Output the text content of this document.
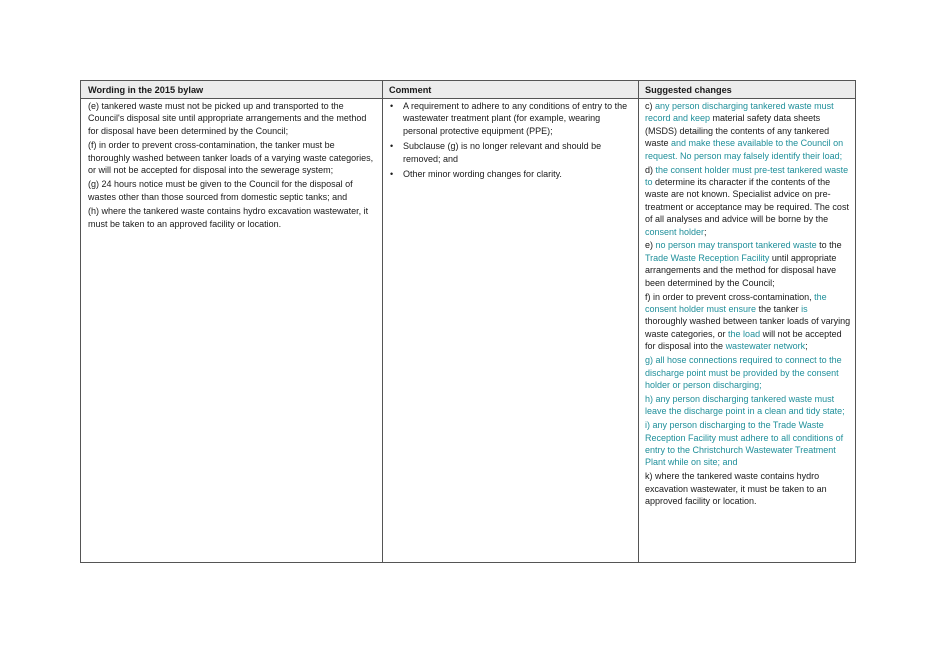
Wording in the 2015 bylaw

(e) tankered waste must not be picked up and transported to the Council's disposal site until appropriate arrangements and the method for disposal have been determined by the Council;

(f) in order to prevent cross-contamination, the tanker must be thoroughly washed between tanker loads of a varying waste categories, or will not be accepted for disposal into the sewerage system;

(g) 24 hours notice must be given to the Council for the disposal of wastes other than those sourced from domestic septic tanks; and

(h) where the tankered waste contains hydro excavation wastewater, it must be taken to an approved facility or location.

Comment
• A requirement to adhere to any conditions of entry to the wastewater treatment plant (for example, wearing personal protective equipment (PPE);
• Subclause (g) is no longer relevant and should be removed; and
• Other minor wording changes for clarity.
Suggested changes

c) any person discharging tankered waste must record and keep material safety data sheets (MSDS) detailing the contents of any tankered waste and make these available to the Council on request. No person may falsely identify their load;

d) the consent holder must pre-test tankered waste to determine its character if the contents of the waste are not known. Specialist advice on pre-treatment or acceptance may be required. The cost of all analyses and advice will be borne by the consent holder;

e) no person may transport tankered waste to the Trade Waste Reception Facility until appropriate arrangements and the method for disposal have been determined by the Council;

f) in order to prevent cross-contamination, the consent holder must ensure the tanker is thoroughly washed between tanker loads of varying waste categories, or the load will not be accepted for disposal into the wastewater network;

g) all hose connections required to connect to the discharge point must be provided by the consent holder or person discharging;

h) any person discharging tankered waste must leave the discharge point in a clean and tidy state;

i) any person discharging to the Trade Waste Reception Facility must adhere to all conditions of entry to the Christchurch Wastewater Treatment Plant while on site; and

k) where the tankered waste contains hydro excavation wastewater, it must be taken to an approved facility or location.
